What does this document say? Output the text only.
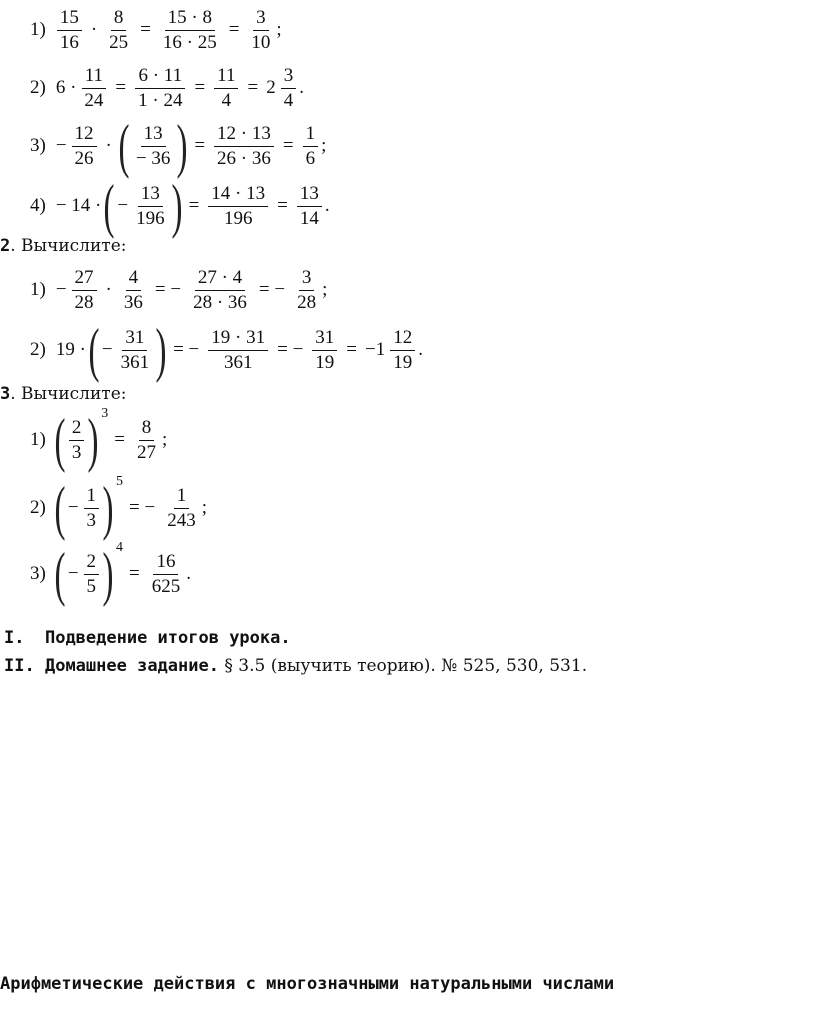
1)
15
16
· $\frac{8}{25} = \frac{15 \cdot 8}{16 \cdot 25} = \frac{3}{10}$ ;
2) $6 \cdot \frac{11}{24} = \frac{6 \cdot 11}{1 \cdot 24} = \frac{11}{4} = 2$
3
4
.
$3) - \frac{12}{26}$ · ( 13
− 36 ) = $\frac{12 \cdot 13}{26 \cdot 36} = \frac{1}{6}$ ;
4) − 14 · ( − $\frac{13}{196}$ ) = $\frac{14 \cdot 13}{196} = \frac{13}{14}$ .
2. Вычислите:
$1) - \frac{27}{28} \cdot \frac{4}{36}$ = − $\frac{27 \cdot 4}{28 \cdot 36}$ = − $\frac{3}{28}$ ;
2) 19 · ( − $\frac{31}{361}$ ) = − $\frac{19 \cdot 31}{361}$ = − $\frac{31}{19} = -1$
12
19
.
3. Вычислите:
1) ( 2
3 ) 3
= $\frac{8}{27}$ ;
2) ( − $\frac{1}{3}$ ) 5
= − $\frac{1}{243}$ ;
3) ( − $\frac{2}{5}$ ) 4
= $\frac{16}{625}$ .
I. Подведение итогов урока.
II. Домашнее задание. § 3.5 (выучить теорию). № 525, 530, 531.
Арифметические действия с многозначными натуральными числами
